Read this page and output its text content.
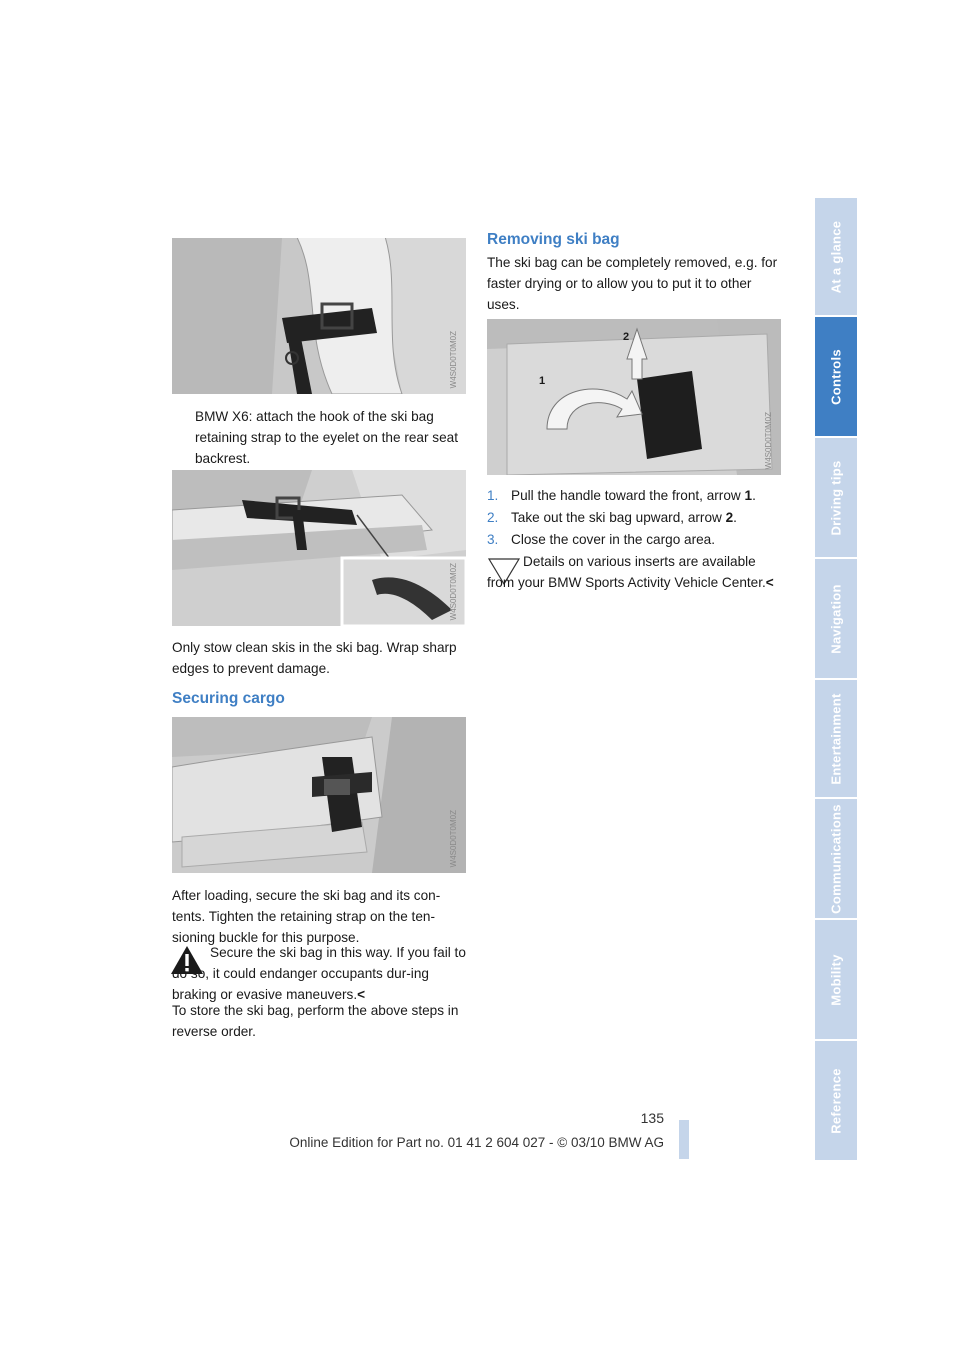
At a glance
Controls
Driving tips
Navigation
Entertainment
Communications
Mobility
Reference
W4S0D0T0M0Z
BMW X6: attach the hook of the ski bag retaining strap to the eyelet on the rear seat backrest.
W4S0D0T0M0Z
Only stow clean skis in the ski bag. Wrap sharp edges to prevent damage.
Securing cargo
W4S0D0T0M0Z
After loading, secure the ski bag and its con-tents. Tighten the retaining strap on the ten-sioning buckle for this purpose.
Secure the ski bag in this way. If you fail to do so, it could endanger occupants dur-ing braking or evasive maneuvers.<
To store the ski bag, perform the above steps in reverse order.
Removing ski bag
The ski bag can be completely removed, e.g. for faster drying or to allow you to put it to other uses.
2
1
W4S0D0T0M0Z
1. Pull the handle toward the front, arrow 1.
2. Take out the ski bag upward, arrow 2.
3. Close the cover in the cargo area.
Details on various inserts are available from your BMW Sports Activity Vehicle Center.<
135
Online Edition for Part no. 01 41 2 604 027 - © 03/10 BMW AG
